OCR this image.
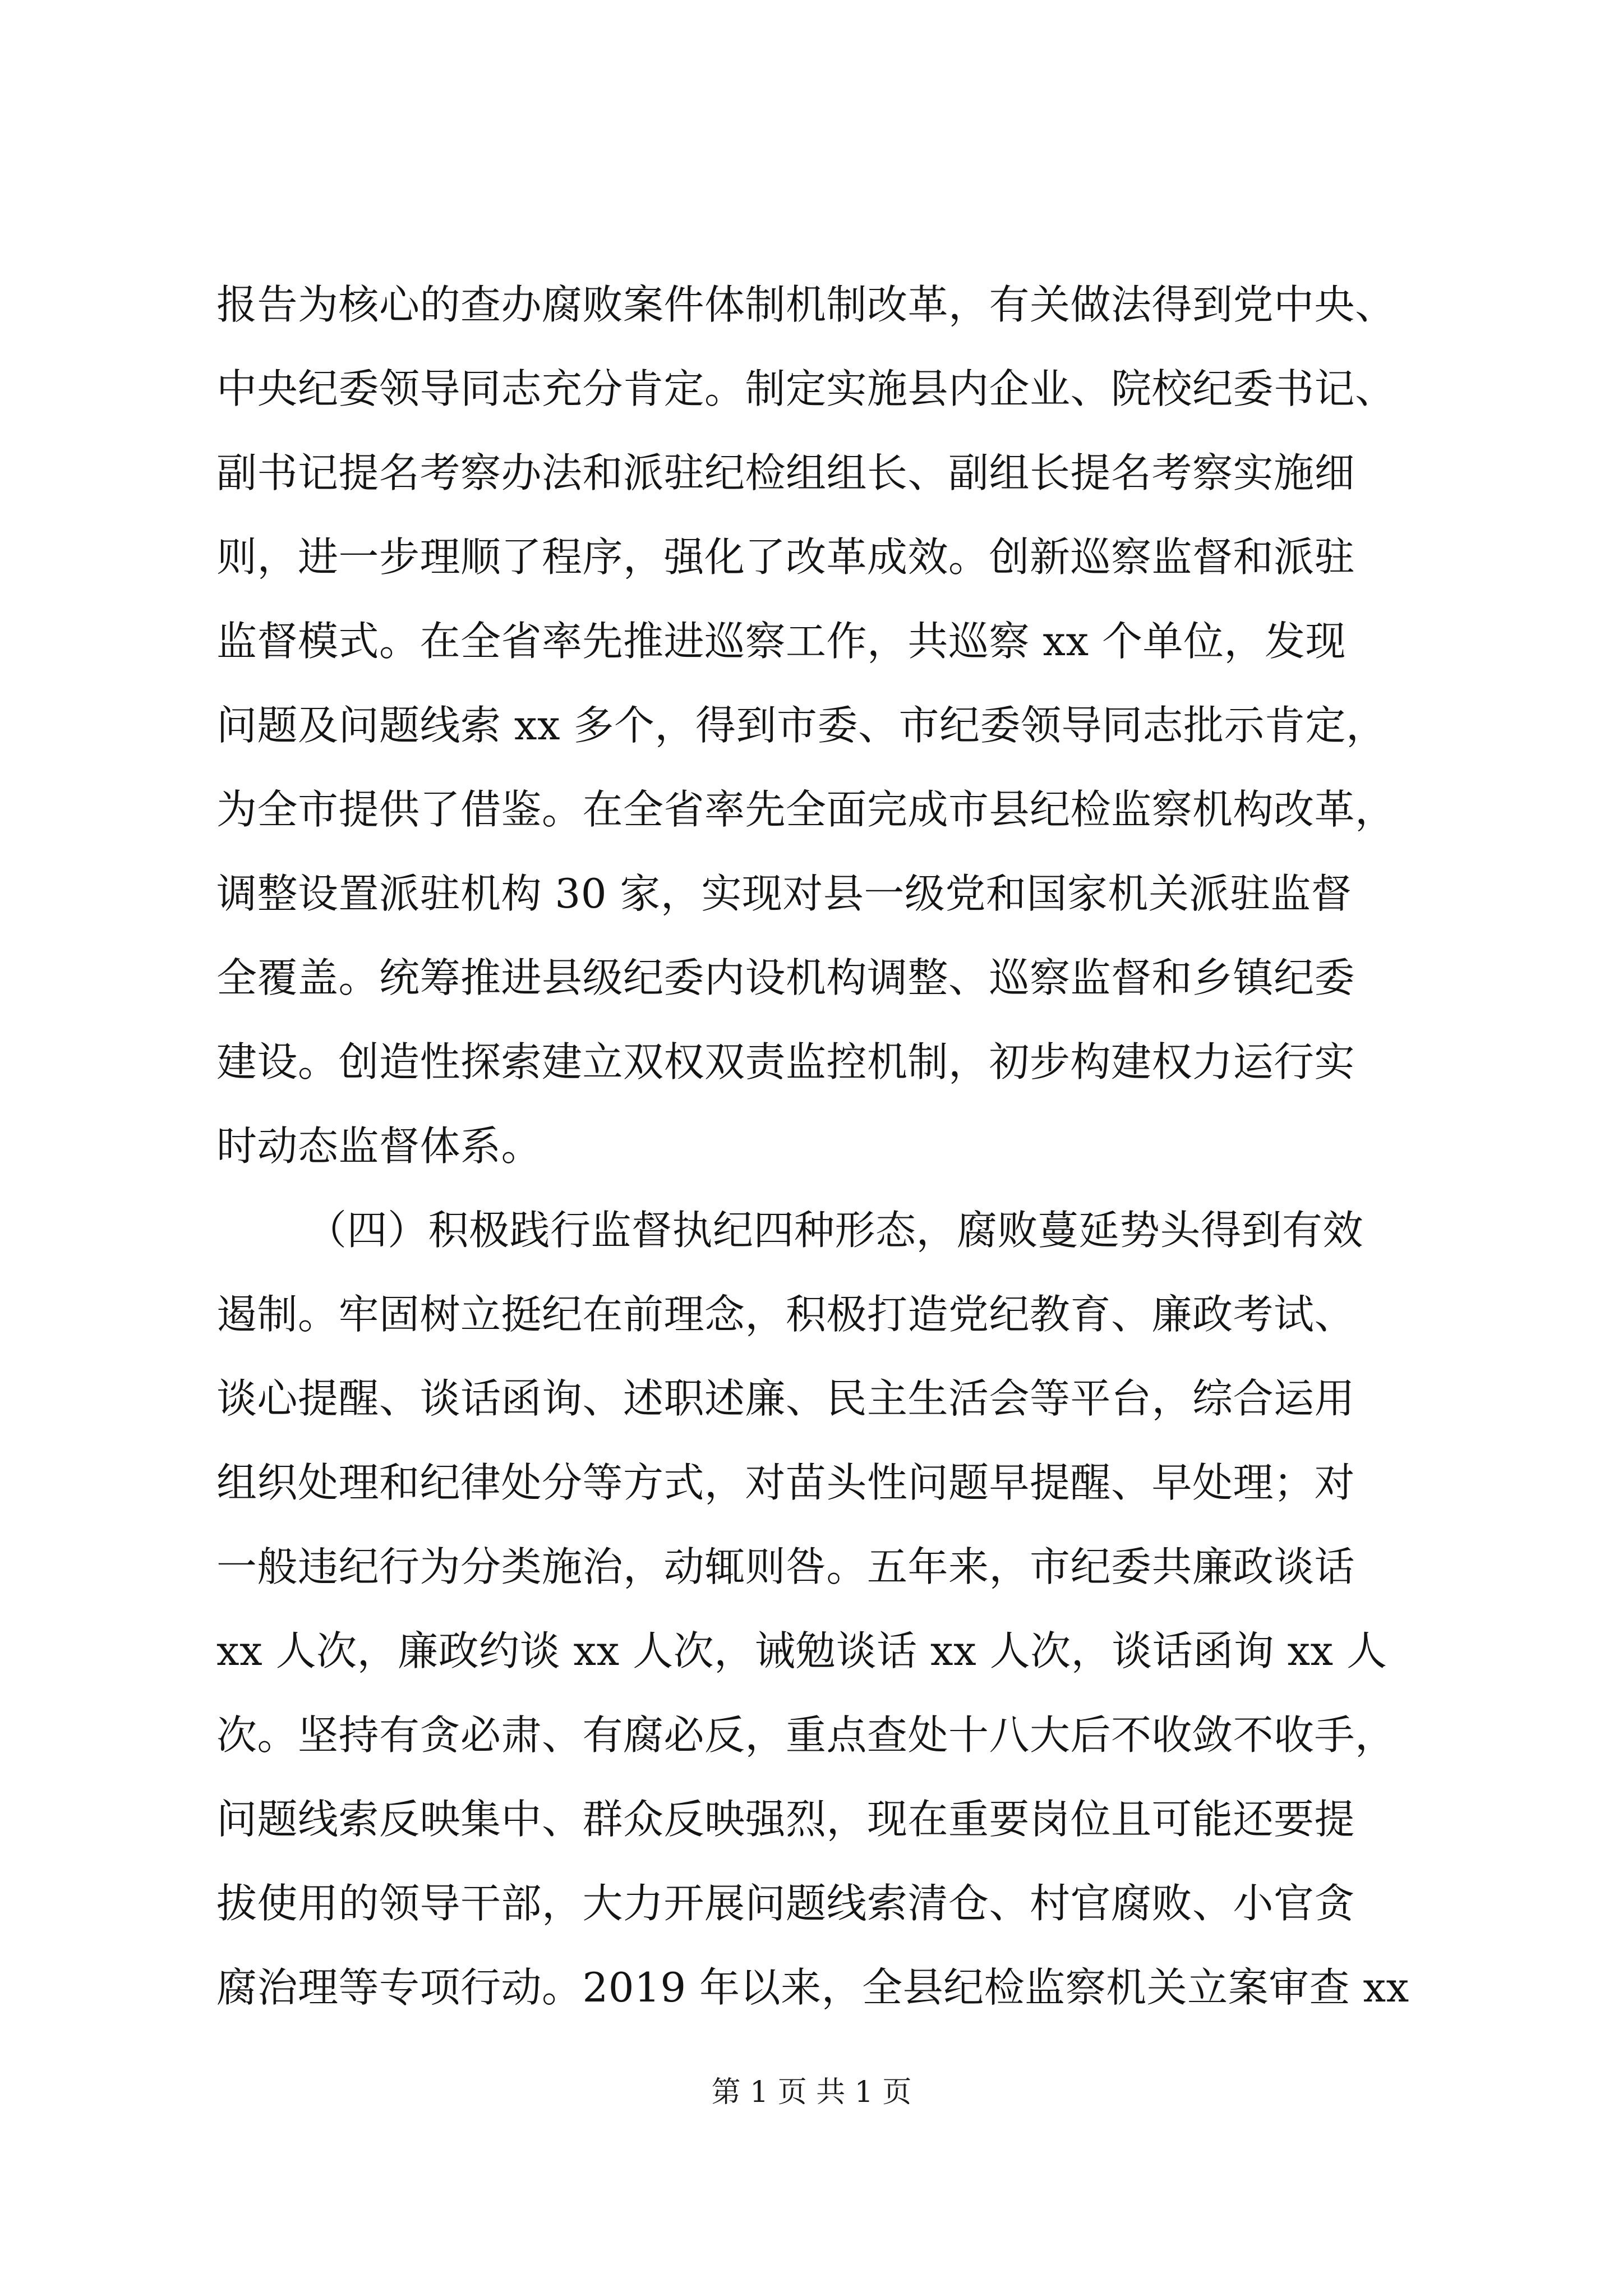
报告为核心的查办腐败案件体制机制改革，有关做法得到党中央、
中央纪委领导同志充分肯定。制定实施县内企业、院校纪委书记、
副书记提名考察办法和派驻纪检组组长、副组长提名考察实施细
则，进一步理顺了程序，强化了改革成效。创新巡察监督和派驻
监督模式。在全省率先推进巡察工作，共巡察 xx 个单位，发现
问题及问题线索 xx 多个，得到市委、市纪委领导同志批示肯定，
为全市提供了借鉴。在全省率先全面完成市县纪检监察机构改革，
调整设置派驻机构 30 家，实现对县一级党和国家机关派驻监督
全覆盖。统筹推进县级纪委内设机构调整、巡察监督和乡镇纪委
建设。创造性探索建立双权双责监控机制，初步构建权力运行实
时动态监督体系。
（四）积极践行监督执纪四种形态，腐败蔓延势头得到有效
遏制。牢固树立挺纪在前理念，积极打造党纪教育、廉政考试、
谈心提醒、谈话函询、述职述廉、民主生活会等平台，综合运用
组织处理和纪律处分等方式，对苗头性问题早提醒、早处理；对
一般违纪行为分类施治，动辄则咎。五年来，市纪委共廉政谈话
xx 人次，廉政约谈 xx 人次，诫勉谈话 xx 人次，谈话函询 xx 人
次。坚持有贪必肃、有腐必反，重点查处十八大后不收敛不收手，
问题线索反映集中、群众反映强烈，现在重要岗位且可能还要提
拔使用的领导干部，大力开展问题线索清仓、村官腐败、小官贪
腐治理等专项行动。2019 年以来，全县纪检监察机关立案审查 xx
第 1 页 共 1 页
